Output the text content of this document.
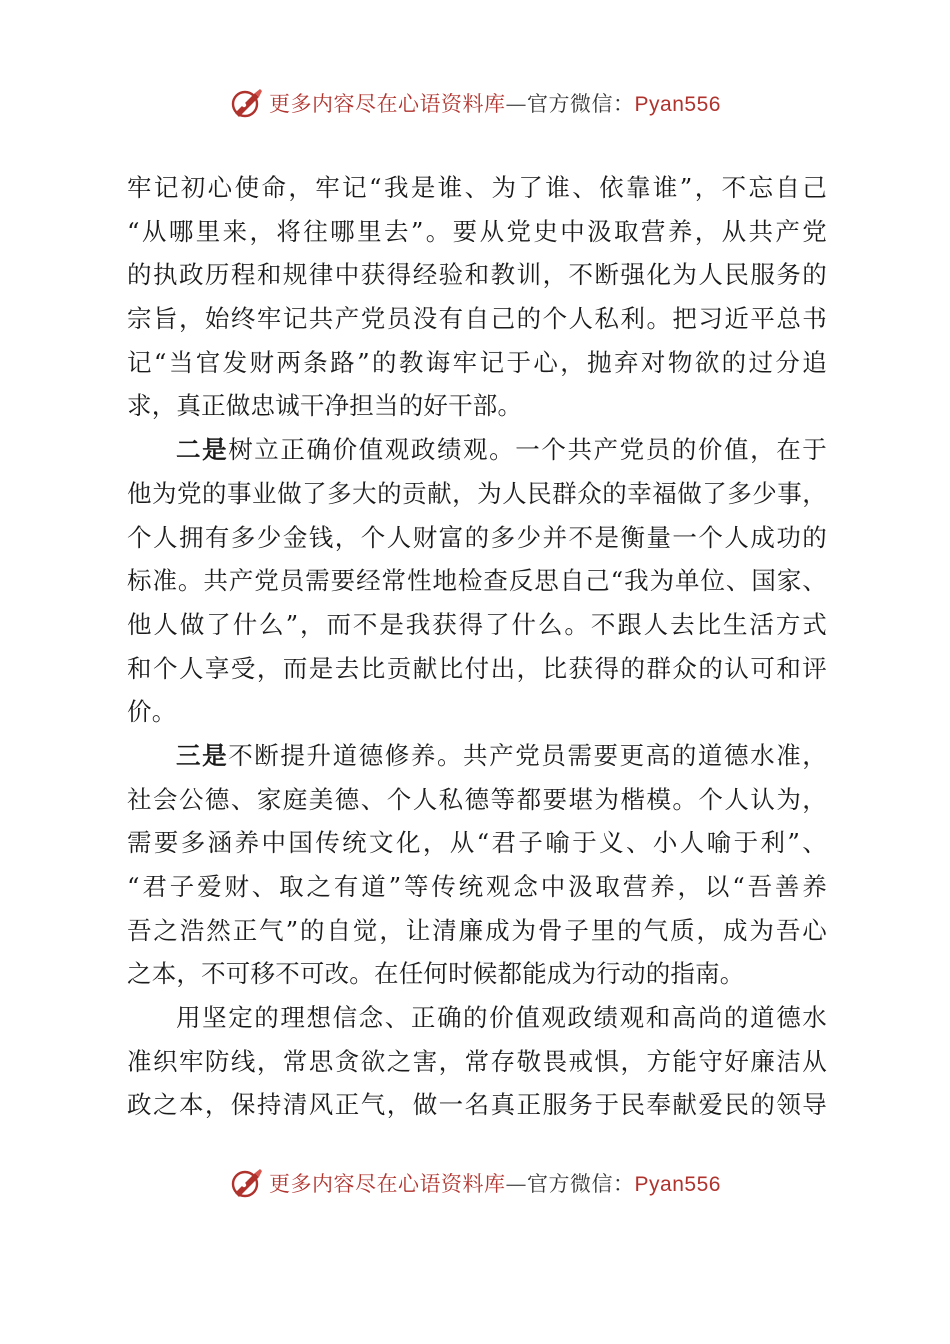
更多内容尽在心语资料库—官方微信：Pyan556
牢记初心使命，牢记“我是谁、为了谁、依靠谁”，不忘自己
“从哪里来，将往哪里去”。要从党史中汲取营养，从共产党
的执政历程和规律中获得经验和教训，不断强化为人民服务的
宗旨，始终牢记共产党员没有自己的个人私利。把习近平总书
记“当官发财两条路”的教诲牢记于心，抛弃对物欲的过分追
求，真正做忠诚干净担当的好干部。
二是树立正确价值观政绩观。一个共产党员的价值，在于
他为党的事业做了多大的贡献，为人民群众的幸福做了多少事，
个人拥有多少金钱，个人财富的多少并不是衡量一个人成功的
标准。共产党员需要经常性地检查反思自己“我为单位、国家、
他人做了什么”，而不是我获得了什么。不跟人去比生活方式
和个人享受，而是去比贡献比付出，比获得的群众的认可和评
价。
三是不断提升道德修养。共产党员需要更高的道德水准，
社会公德、家庭美德、个人私德等都要堪为楷模。个人认为，
需要多涵养中国传统文化，从“君子喻于义、小人喻于利”、
“君子爱财、取之有道”等传统观念中汲取营养，以“吾善养
吾之浩然正气”的自觉，让清廉成为骨子里的气质，成为吾心
之本，不可移不可改。在任何时候都能成为行动的指南。
用坚定的理想信念、正确的价值观政绩观和高尚的道德水
准织牢防线，常思贪欲之害，常存敬畏戒惧，方能守好廉洁从
政之本，保持清风正气，做一名真正服务于民奉献爱民的领导
更多内容尽在心语资料库—官方微信：Pyan556
